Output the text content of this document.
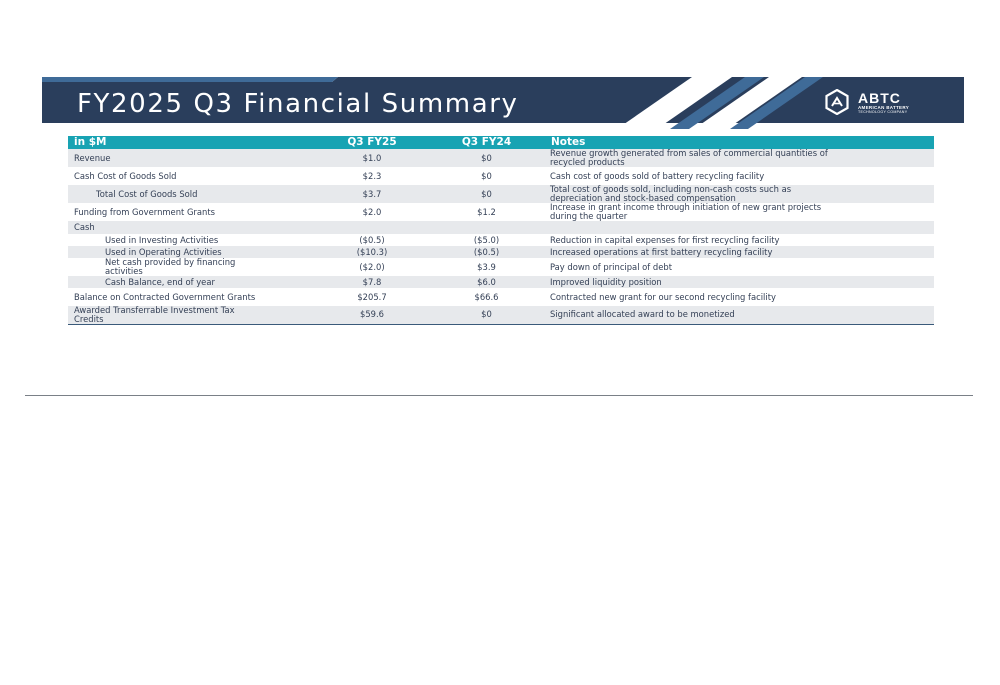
FY2025 Q3 Financial Summary	ABTC
AMERICAN BATTERY
TECHNOLOGY COMPANY
in $M	Q3 FY25	Q3 FY24	Notes
Revenue	$1.0	$0	Revenue growth generated from sales of commercial quantities of
recycled products
Cash Cost of Goods Sold	$2.3	$0	Cash cost of goods sold of battery recycling facility
Total Cost of Goods Sold	$3.7	$0	Total cost of goods sold, including non-cash costs such as
depreciation and stock-based compensation
Funding from Government Grants	$2.0	$1.2	Increase in grant income through initiation of new grant projects
during the quarter
Cash			
Used in Investing Activities	($0.5)	($5.0)	Reduction in capital expenses for first recycling facility
Used in Operating Activities	($10.3)	($0.5)	Increased operations at first battery recycling facility
Net cash provided by financing
activities	($2.0)	$3.9	Pay down of principal of debt
Cash Balance, end of year	$7.8	$6.0	Improved liquidity position
Balance on Contracted Government Grants	$205.7	$66.6	Contracted new grant for our second recycling facility
Awarded Transferrable Investment Tax
Credits	$59.6	$0	Significant allocated award to be monetized
